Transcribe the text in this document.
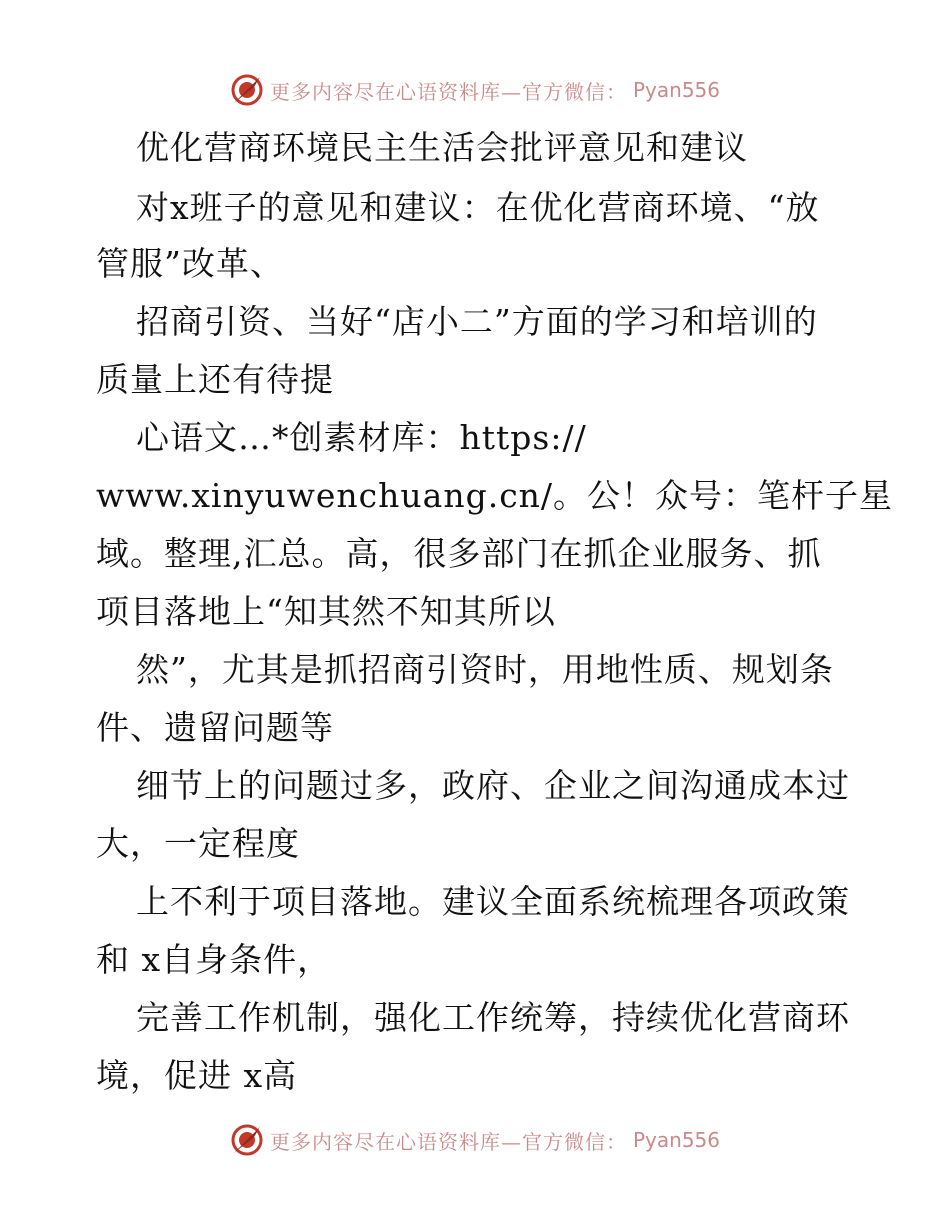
更多内容尽在心语资料库—官方微信： Pyan556
优化营商环境民主生活会批评意见和建议
对x班子的意见和建议：在优化营商环境、“放
管服”改革、
招商引资、当好“店小二”方面的学习和培训的
质量上还有待提
心语文…*创素材库：https://
www.xinyuwenchuang.cn/。公！众号：笔杆子星
域。整理,汇总。高，很多部门在抓企业服务、抓
项目落地上“知其然不知其所以
然”，尤其是抓招商引资时，用地性质、规划条
件、遗留问题等
细节上的问题过多，政府、企业之间沟通成本过
大，一定程度
上不利于项目落地。建议全面系统梳理各项政策
和 x自身条件，
完善工作机制，强化工作统筹，持续优化营商环
境，促进 x高
更多内容尽在心语资料库—官方微信： Pyan556
